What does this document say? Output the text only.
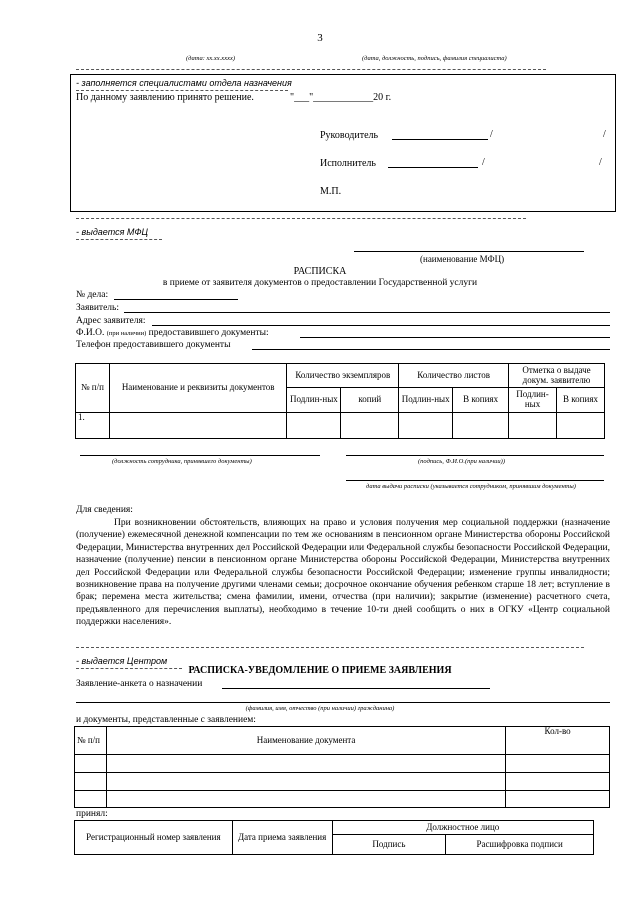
3
(дата: хх.хх.хххх)	(дата, должность, подпись, фамилия специалиста)
- заполняется специалистами отдела назначения
По данному заявлению принято решение.	"___"____________20 г.
Руководитель	/	/
Исполнитель	/	/
М.П.
- выдается МФЦ
(наименование МФЦ)
РАСПИСКА
в приеме от заявителя документов о предоставлении Государственной услуги
№ дела:
Заявитель:
Адрес заявителя:
Ф.И.О. (при наличии) предоставившего документы:
Телефон предоставившего документы
№ п/п	Наименование и реквизиты документов	Количество экземпляров		Количество листов		Отметка о выдаче докум. заявителю	
		Подлин-ных	копий	Подлин-ных	В копиях	Подлин-ных	В копиях
1.							
(должность сотрудника, принявшего документы)	(подпись, Ф.И.О.(при наличии))
дата выдачи расписки (указывается сотрудником, принявшим документы)
Для сведения:
При возникновении обстоятельств, влияющих на право и условия получения мер социальной поддержки (назначение (получение) ежемесячной денежной компенсации по тем же основаниям в пенсионном органе Министерства обороны Российской Федерации, Министерства внутренних дел Российской Федерации или Федеральной службы безопасности Российской Федерации, назначение (получение) пенсии в пенсионном органе Министерства обороны Российской Федерации, Министерства внутренних дел Российской Федерации или Федеральной службы безопасности Российской Федерации; изменение группы инвалидности; возникновение права на получение другими членами семьи; досрочное окончание обучения ребенком старше 18 лет; вступление в брак; перемена места жительства; смена фамилии, имени, отчества (при наличии); закрытие (изменение) расчетного счета, предъявленного для перечисления выплаты), необходимо в течение 10-ти дней сообщить о них в ОГКУ «Центр социальной поддержки населения».
- выдается Центром
РАСПИСКА-УВЕДОМЛЕНИЕ О ПРИЕМЕ ЗАЯВЛЕНИЯ
Заявление-анкета о назначении
(фамилия, имя, отчество (при наличии) гражданина)
и документы, представленные с заявлением:
№ п/п	Наименование документа	Кол-во

принял:
Регистрационный номер заявления	Дата приема заявления	Должностное лицо	
		Подпись	Расшифровка подписи
